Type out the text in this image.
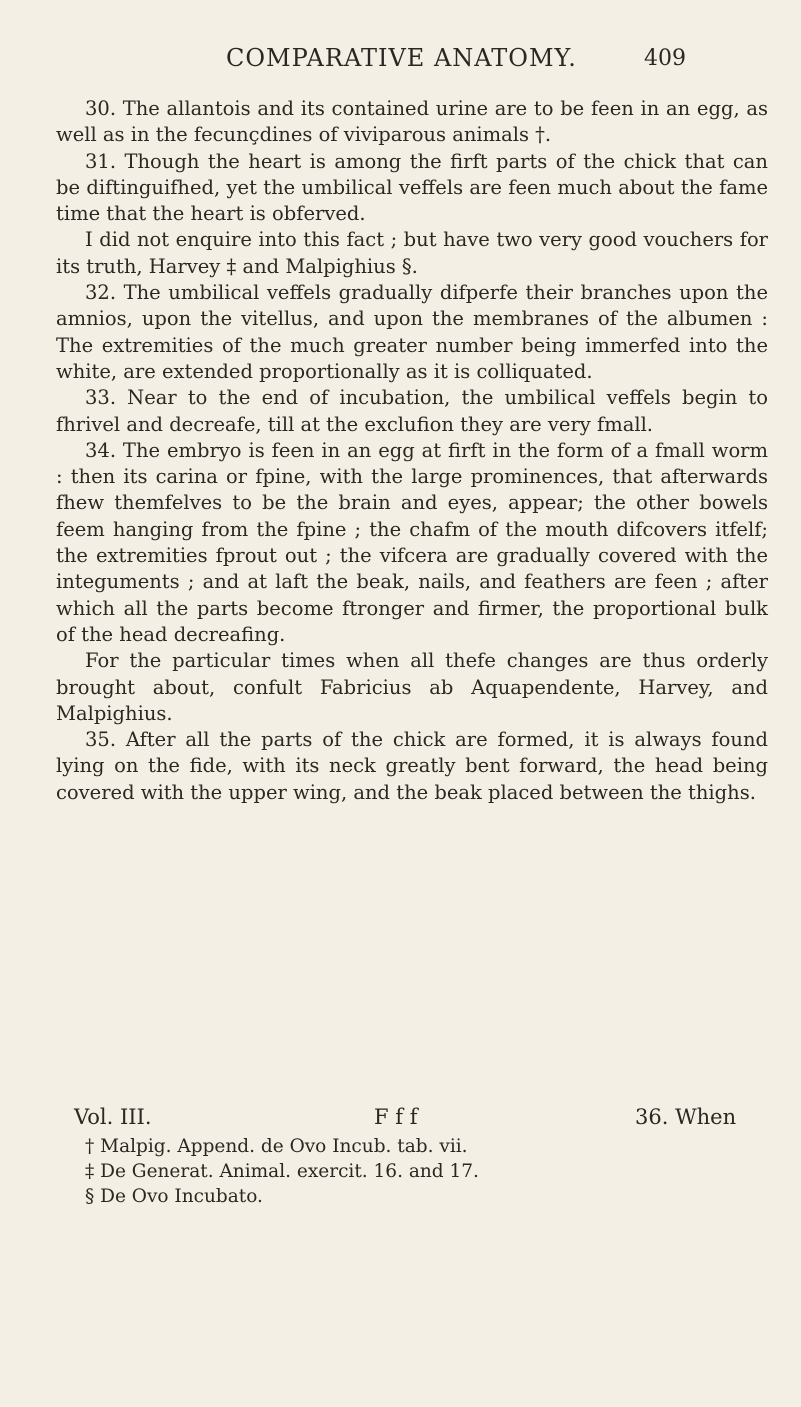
COMPARATIVE ANATOMY.	409

30. The allantois and its contained urine are to be feen in an egg, as well as in the fecunçdines of viviparous animals †.

31. Though the heart is among the firft parts of the chick that can be diftinguifhed, yet the umbilical veffels are feen much about the fame time that the heart is obferved.

I did not enquire into this fact ; but have two very good vouchers for its truth, Harvey ‡ and Malpighius §.

32. The umbilical veffels gradually difperfe their branches upon the amnios, upon the vitellus, and upon the membranes of the albumen : The extremities of the much greater number being immerfed into the white, are extended proportionally as it is colliquated.

33. Near to the end of incubation, the umbilical veffels begin to fhrivel and decreafe, till at the exclufion they are very fmall.

34. The embryo is feen in an egg at firft in the form of a fmall worm : then its carina or fpine, with the large prominences, that afterwards fhew themfelves to be the brain and eyes, appear; the other bowels feem hanging from the fpine ; the chafm of the mouth difcovers itfelf; the extremities fprout out ; the vifcera are gradually covered with the integuments ; and at laft the beak, nails, and feathers are feen ; after which all the parts become ftronger and firmer, the proportional bulk of the head decreafing.

For the particular times when all thefe changes are thus orderly brought about, confult Fabricius ab Aquapendente, Harvey, and Malpighius.

35. After all the parts of the chick are formed, it is always found lying on the fide, with its neck greatly bent forward, the head being covered with the upper wing, and the beak placed between the thighs.

Vol. III.	F f f	36. When
† Malpig. Append. de Ovo Incub. tab. vii.
‡ De Generat. Animal. exercit. 16. and 17.
§ De Ovo Incubato.
